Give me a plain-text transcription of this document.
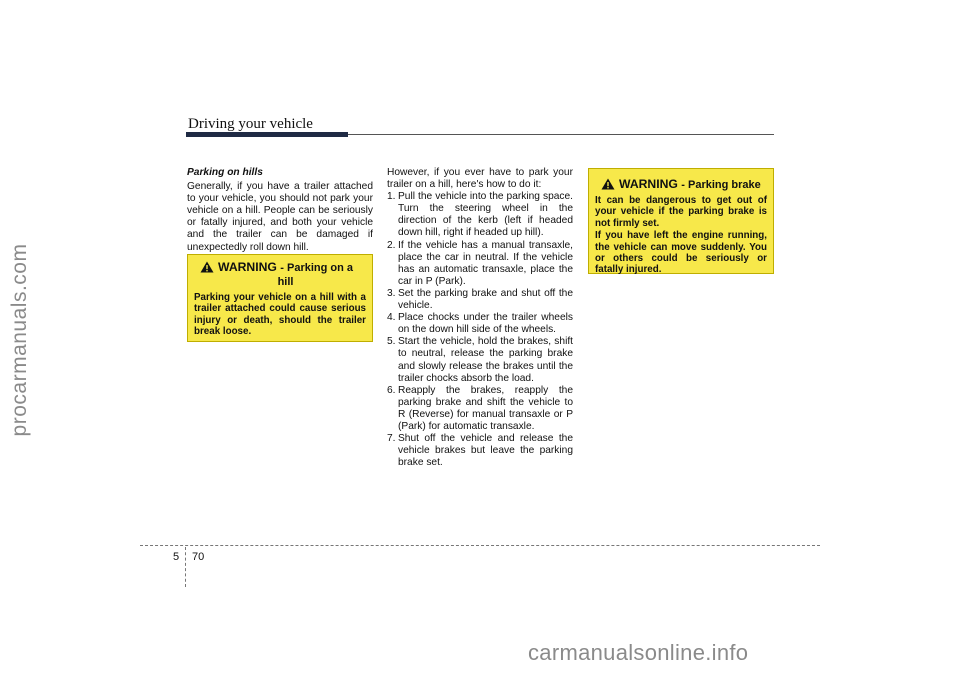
procarmanuals.com
Driving your vehicle

Parking on hills

Generally, if you have a trailer attached to your vehicle, you should not park your vehicle on a hill. People can be seriously or fatally injured, and both your vehicle and the trailer can be damaged if unexpectedly roll down hill.

WARNING - Parking on a
hill

Parking your vehicle on a hill with a trailer attached could cause serious injury or death, should the trailer break loose.

However, if you ever have to park your trailer on a hill, here's how to do it:

1. Pull the vehicle into the parking space. Turn the steering wheel in the direction of the kerb (left if headed down hill, right if headed up hill).
2. If the vehicle has a manual transaxle, place the car in neutral. If the vehicle has an automatic transaxle, place the car in P (Park).
3. Set the parking brake and shut off the vehicle.
4. Place chocks under the trailer wheels on the down hill side of the wheels.
5. Start the vehicle, hold the brakes, shift to neutral, release the parking brake and slowly release the brakes until the trailer chocks absorb the load.
6. Reapply the brakes, reapply the parking brake and shift the vehicle to R (Reverse) for manual transaxle or P (Park) for automatic transaxle.
7. Shut off the vehicle and release the vehicle brakes but leave the parking brake set.
WARNING - Parking brake

It can be dangerous to get out of your vehicle if the parking brake is not firmly set.

If you have left the engine running, the vehicle can move suddenly. You or others could be seriously or fatally injured.

5 70
carmanualsonline.info
